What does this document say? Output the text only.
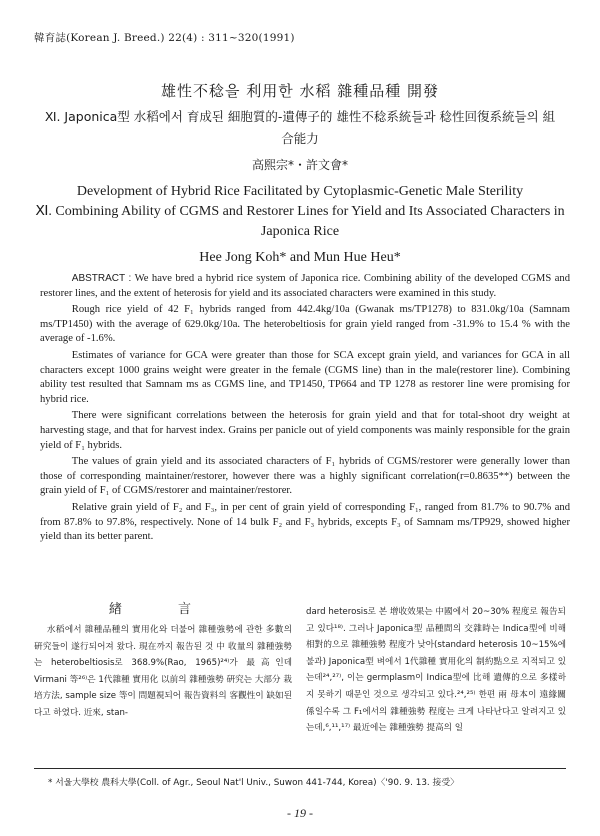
韓育誌(Korean J. Breed.) 22(4) : 311~320(1991)
雄性不稔을 利用한 水稻 雜種品種 開發
Ⅺ. Japonica型 水稻에서 育成된 細胞質的-遺傳子的 雄性不稔系統들과 稔性回復系統들의 組合能力
高熙宗*・許文會*
Development of Hybrid Rice Facilitated by Cytoplasmic-Genetic Male Sterility
Ⅺ. Combining Ability of CGMS and Restorer Lines for Yield and Its Associated Characters in Japonica Rice
Hee Jong Koh* and Mun Hue Heu*

ABSTRACT : We have bred a hybrid rice system of Japonica rice. Combining ability of the developed CGMS and restorer lines, and the extent of heterosis for yield and its associated characters were examined in this study.

Rough rice yield of 42 F₁ hybrids ranged from 442.4kg/10a (Gwanak ms/TP1278) to 831.0kg/10a (Samnam ms/TP1450) with the average of 629.0kg/10a. The heterobeltiosis for grain yield ranged from -31.9% to 15.4 % with the average of -1.6%.

Estimates of variance for GCA were greater than those for SCA except grain yield, and variances for GCA in all characters except 1000 grains weight were greater in the female (CGMS line) than in the male(restorer line). Combining ability test resulted that Samnam ms as CGMS line, and TP1450, TP664 and TP 1278 as restorer line were promising for hybrid rice.

There were significant correlations between the heterosis for grain yield and that for total-shoot dry weight at harvesting stage, and that for harvest index. Grains per panicle out of yield components was mainly responsible for the grain yield of F₁ hybrids.

The values of grain yield and its associated characters of F₁ hybrids of CGMS/restorer were generally lower than those of corresponding maintainer/restorer, however there was a highly significant correlation(r=0.8635**) between the grain yield of F₁ of CGMS/restorer and maintainer/restorer.

Relative grain yield of F₂ and F₃, in per cent of grain yield of corresponding F₁, ranged from 81.7% to 90.7% and from 87.8% to 97.8%, respectively. None of 14 bulk F₂ and F₃ hybrids, excepts F₃ of Samnam ms/TP929, showed higher yield than its better parent.

緖 言

水稻에서 雜種品種의 實用化와 더불어 雜種強勢에 관한 多數의 硏究들이 遂行되어져 왔다. 現在까지 報告된 것 中 收量의 雜種強勢는 heterobeltiosis로 368.9%(Rao, 1965)²⁴⁾가 最高인데 Virmani 等²⁶⁾은 1代雜種 實用化 以前의 雜種強勢 硏究는 大部分 栽培方法, sample size 等이 問題視되어 報告資料의 客觀性이 缺如된다고 하였다. 近來, stan-

dard heterosis로 본 增收效果는 中國에서 20~30% 程度로 報告되고 있다¹⁸⁾. 그러나 Japonica型 品種間의 交雜時는 Indica型에 비해 相對的으로 雜種強勢 程度가 낮아(standard heterosis 10~15%에 불과) Japonica型 벼에서 1代雜種 實用化의 制約點으로 지적되고 있는데²⁴,²⁷⁾, 이는 germplasm이 Indica型에 比해 遺傳的으로 多樣하지 못하기 때문인 것으로 생각되고 있다.²⁴,²⁵⁾ 한편 兩 母本이 遠緣關係일수록 그 F₁에서의 雜種強勢 程度는 크게 나타난다고 알려지고 있는데,⁶,¹¹,¹⁷⁾ 最近에는 雜種強勢 提高의 일

* 서울大學校 農科大學(Coll. of Agr., Seoul Nat'l Univ., Suwon 441-744, Korea)〈'90. 9. 13. 接受〉
- 19 -
